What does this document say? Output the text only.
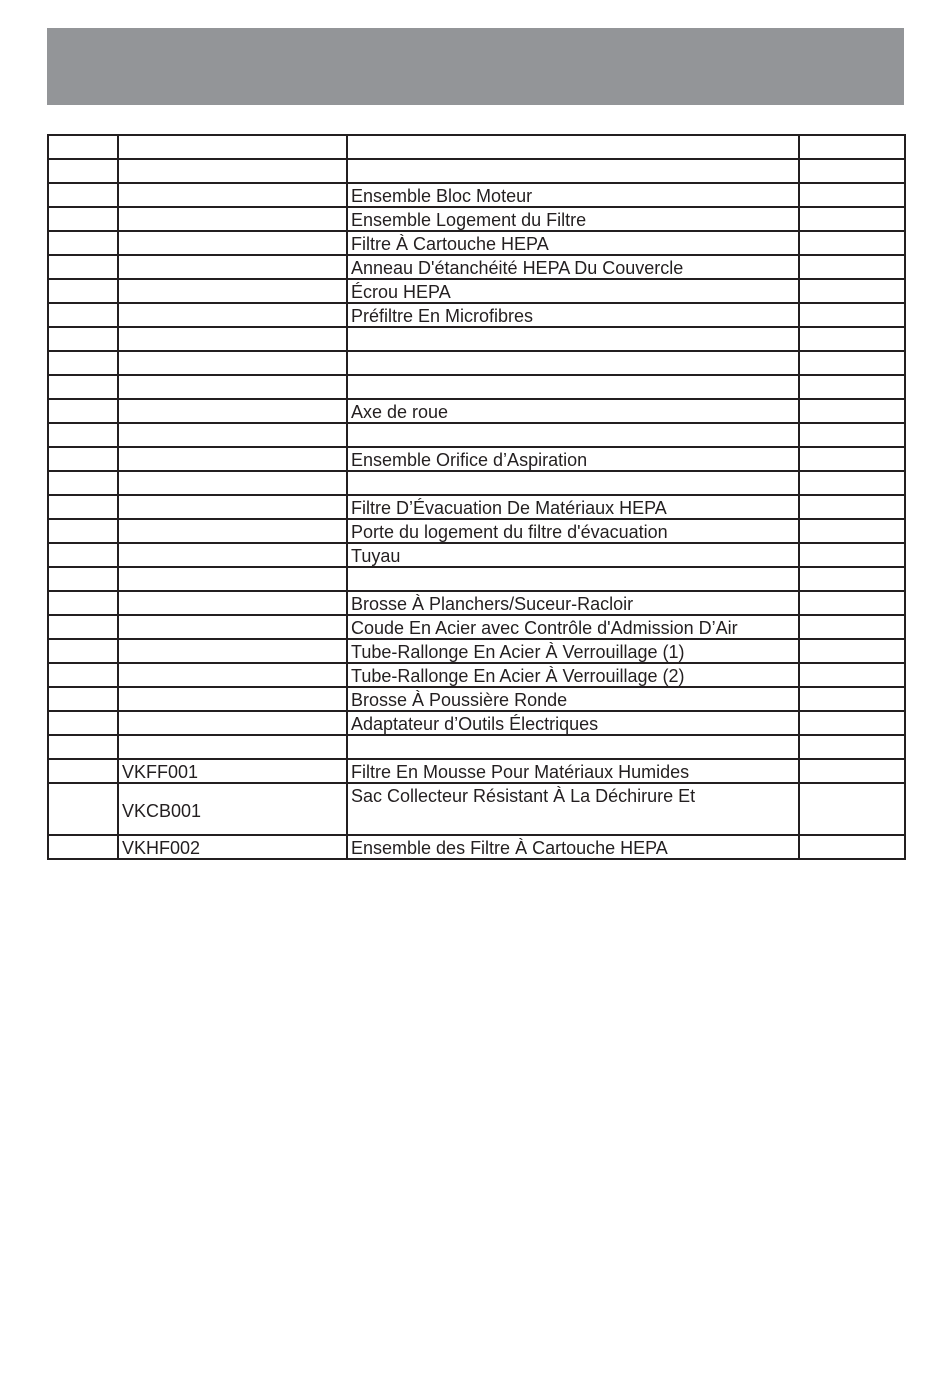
		Ensemble Bloc Moteur	
		Ensemble Logement du Filtre	
		Filtre À Cartouche HEPA	
		Anneau D'étanchéité HEPA Du Couvercle	
		Écrou HEPA	
		Préfiltre En Microfibres	

		Axe de roue	

		Ensemble Orifice d’Aspiration	

		Filtre D’Évacuation De Matériaux HEPA	
		Porte du logement du filtre d'évacuation	
		Tuyau	

		Brosse À Planchers/Suceur-Racloir	
		Coude En Acier avec Contrôle d'Admission D’Air	
		Tube-Rallonge En Acier À Verrouillage (1)	
		Tube-Rallonge En Acier À Verrouillage (2)	
		Brosse À Poussière Ronde	
		Adaptateur d’Outils Électriques	

	VKFF001	Filtre En Mousse Pour Matériaux Humides	
	VKCB001	Sac Collecteur Résistant À La Déchirure Et	
	VKHF002	Ensemble des Filtre À Cartouche HEPA	
